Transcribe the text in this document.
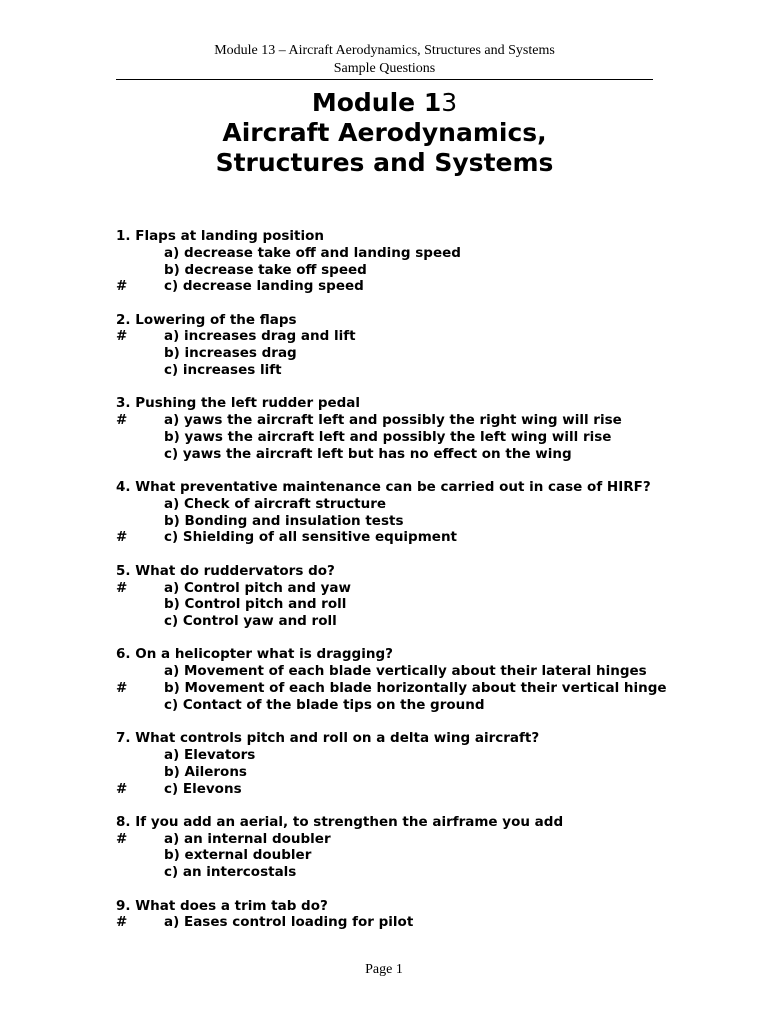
Module 13 – Aircraft Aerodynamics, Structures and Systems
Sample Questions
Module 13
Aircraft Aerodynamics,
Structures and Systems
1. Flaps at landing position
a) decrease take off and landing speed
b) decrease take off speed
#	c) decrease landing speed
2. Lowering of the flaps
#	a) increases drag and lift
b) increases drag
c) increases lift
3. Pushing the left rudder pedal
#	a) yaws the aircraft left and possibly the right wing will rise
b) yaws the aircraft left and possibly the left wing will rise
c) yaws the aircraft left but has no effect on the wing
4. What preventative maintenance can be carried out in case of HIRF?
a) Check of aircraft structure
b) Bonding and insulation tests
#	c) Shielding of all sensitive equipment
5. What do ruddervators do?
#	a) Control pitch and yaw
b) Control pitch and roll
c) Control yaw and roll
6. On a helicopter what is dragging?
a) Movement of each blade vertically about their lateral hinges
#	b) Movement of each blade horizontally about their vertical hinge
c) Contact of the blade tips on the ground
7. What controls pitch and roll on a delta wing aircraft?
a) Elevators
b) Ailerons
#	c) Elevons
8. If you add an aerial, to strengthen the airframe you add
#	a) an internal doubler
b) external doubler
c) an intercostals
9. What does a trim tab do?
#	a) Eases control loading for pilot
Page 1
